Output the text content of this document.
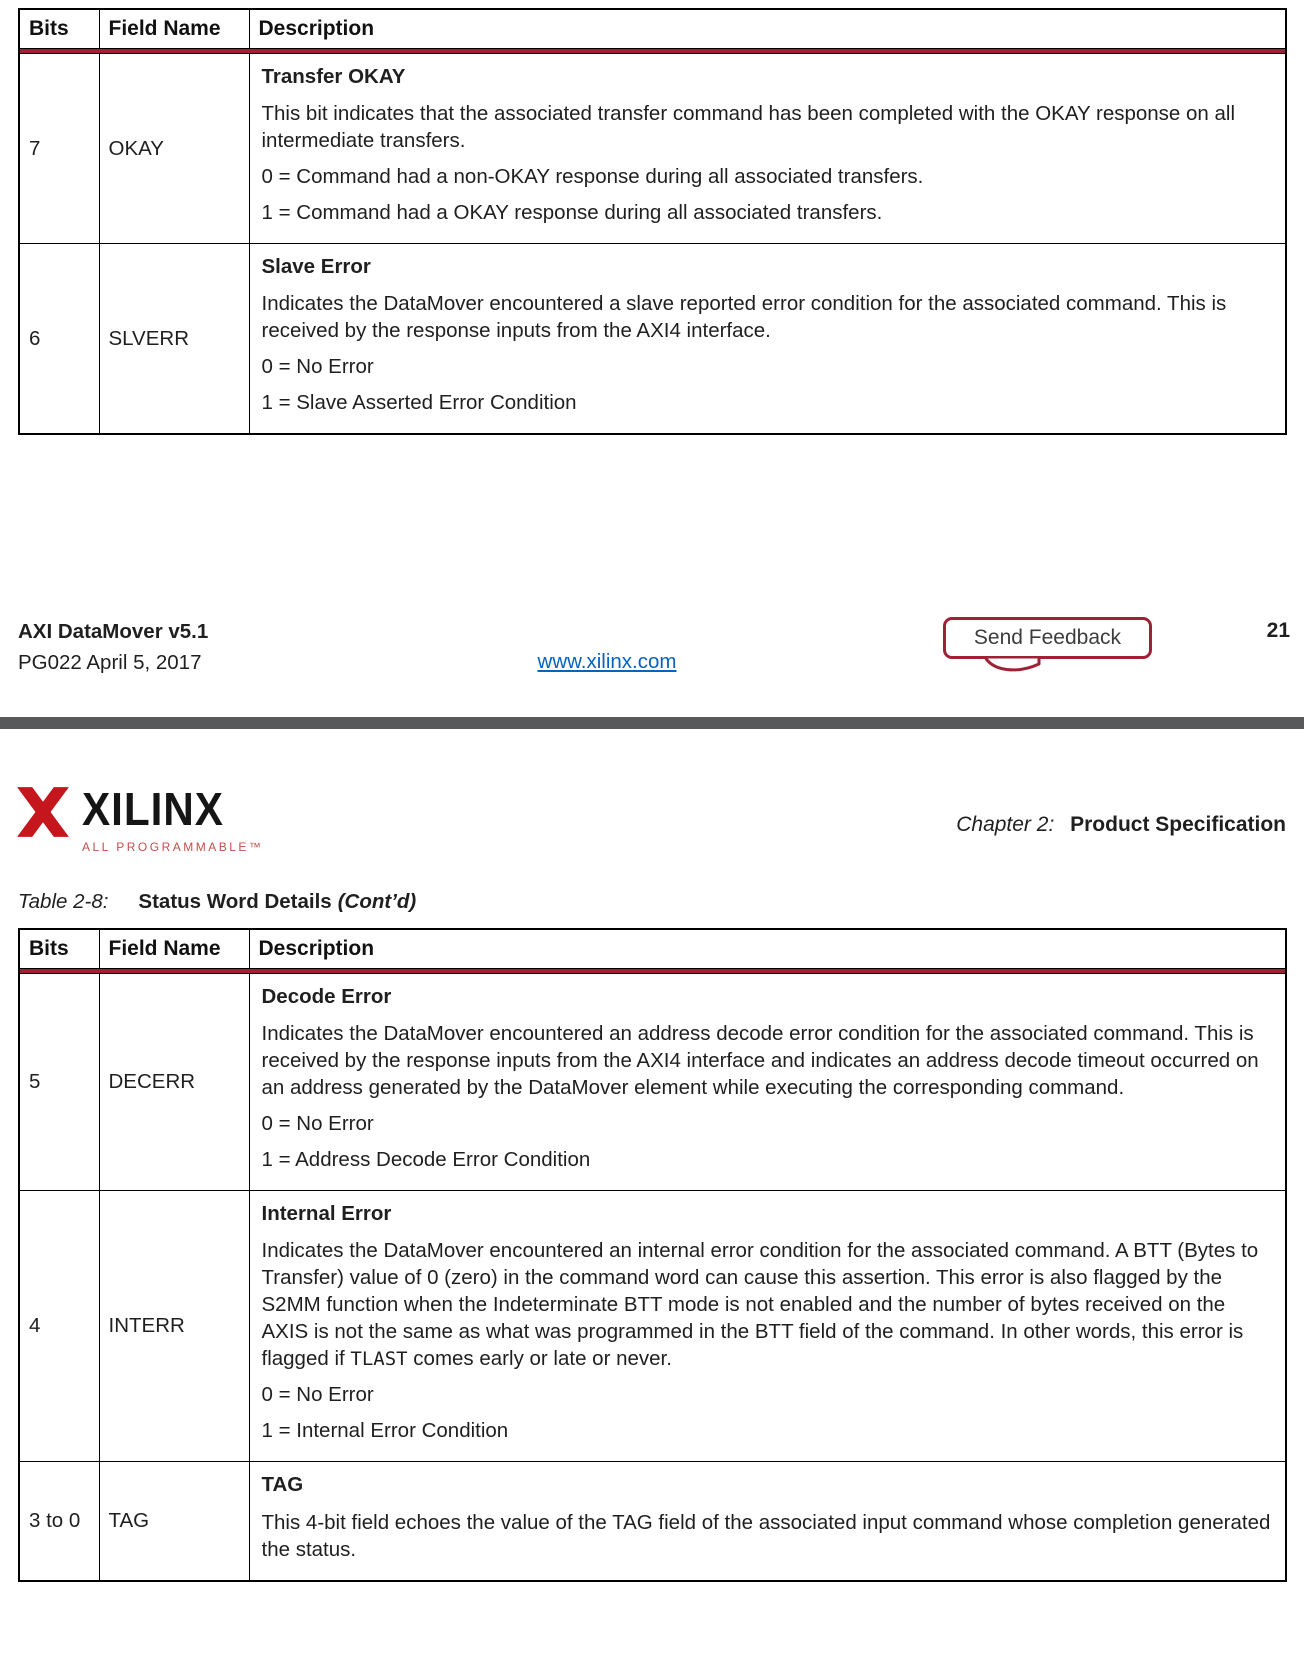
Bits	Field Name	Description

7	OKAY	Transfer OKAY

This bit indicates that the associated transfer command has been completed with the OKAY response on all intermediate transfers.

0 = Command had a non-OKAY response during all associated transfers.

1 = Command had a OKAY response during all associated transfers.

6	SLVERR	Slave Error

Indicates the DataMover encountered a slave reported error condition for the associated command. This is received by the response inputs from the AXI4 interface.

0 = No Error

1 = Slave Asserted Error Condition

AXI DataMover v5.1
PG022 April 5, 2017	www.xilinx.com
Send Feedback	21
XILINX
ALL PROGRAMMABLE™
Chapter 2: Product Specification
Table 2-8: Status Word Details (Cont’d)
Bits	Field Name	Description

5	DECERR	Decode Error

Indicates the DataMover encountered an address decode error condition for the associated command. This is received by the response inputs from the AXI4 interface and indicates an address decode timeout occurred on an address generated by the DataMover element while executing the corresponding command.

0 = No Error

1 = Address Decode Error Condition

4	INTERR	Internal Error

Indicates the DataMover encountered an internal error condition for the associated command. A BTT (Bytes to Transfer) value of 0 (zero) in the command word can cause this assertion. This error is also flagged by the S2MM function when the Indeterminate BTT mode is not enabled and the number of bytes received on the AXIS is not the same as what was programmed in the BTT field of the command. In other words, this error is flagged if TLAST comes early or late or never.

0 = No Error

1 = Internal Error Condition

3 to 0	TAG	TAG

This 4-bit field echoes the value of the TAG field of the associated input command whose completion generated the status.
